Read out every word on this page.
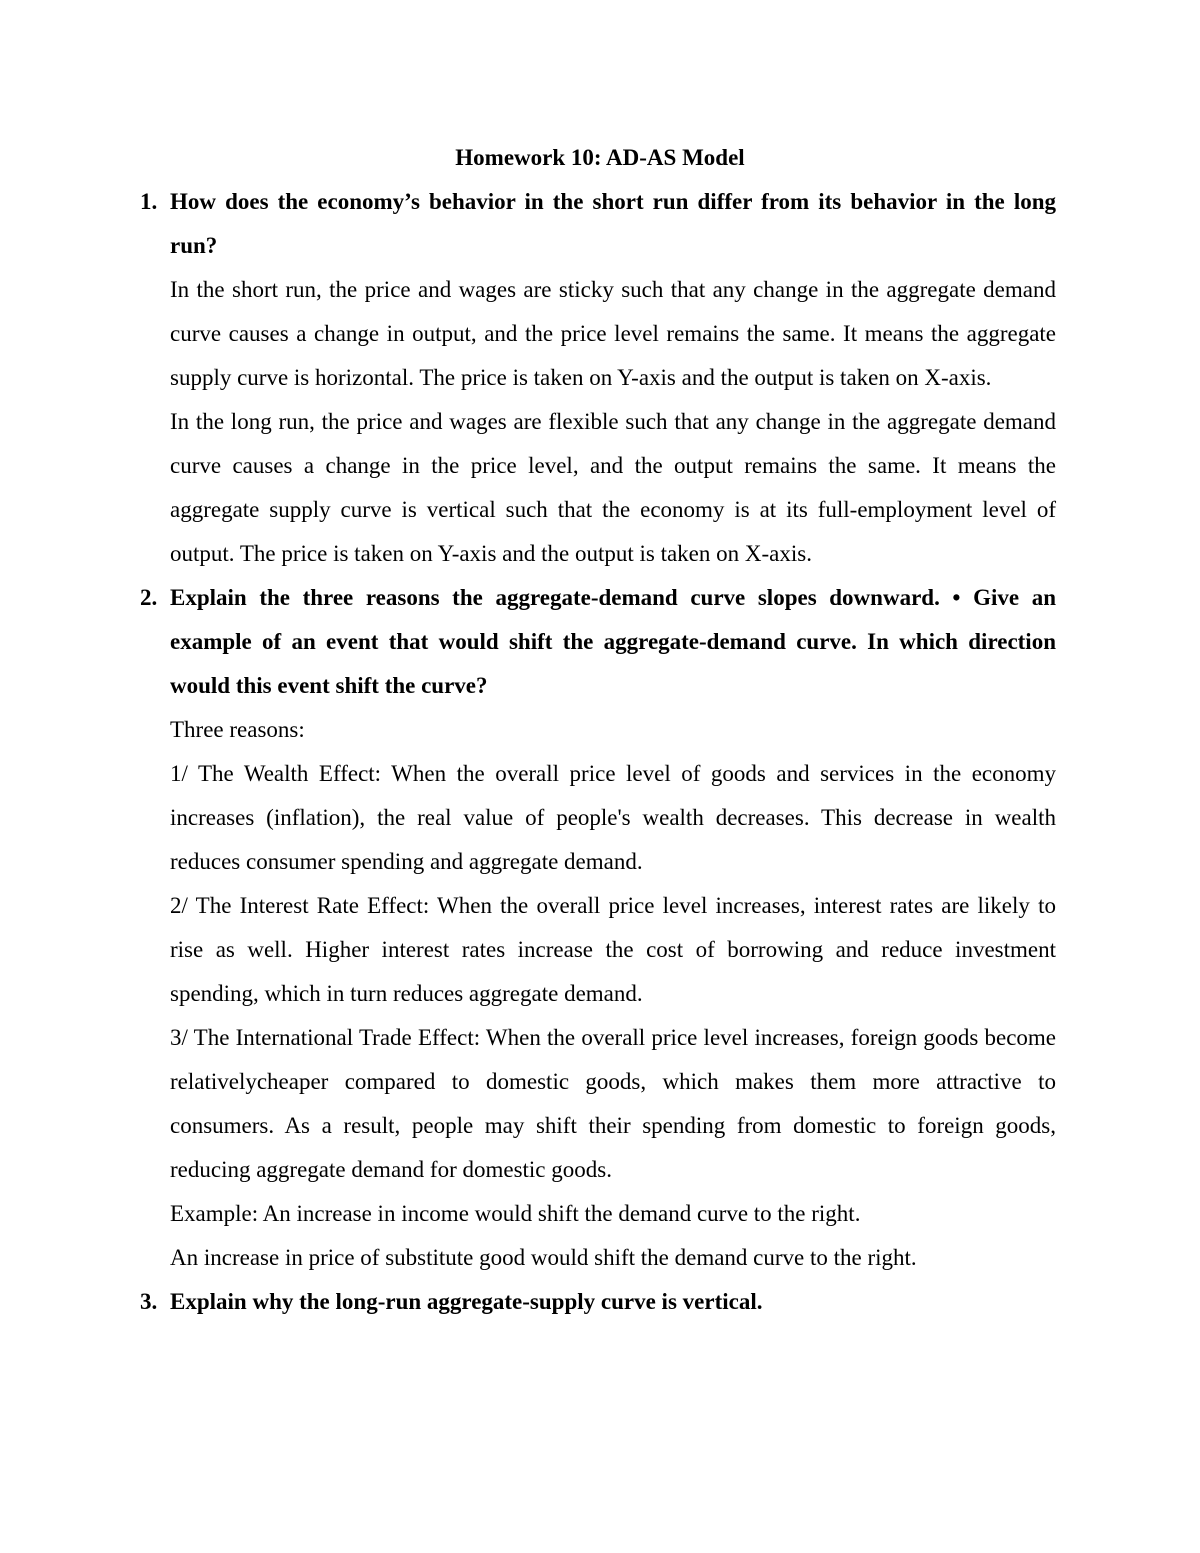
Homework 10: AD-AS Model
1. How does the economy’s behavior in the short run differ from its behavior in the long run?
In the short run, the price and wages are sticky such that any change in the aggregate demand curve causes a change in output, and the price level remains the same. It means the aggregate supply curve is horizontal. The price is taken on Y-axis and the output is taken on X-axis.
In the long run, the price and wages are flexible such that any change in the aggregate demand curve causes a change in the price level, and the output remains the same. It means the aggregate supply curve is vertical such that the economy is at its full-employment level of output. The price is taken on Y-axis and the output is taken on X-axis.
2. Explain the three reasons the aggregate-demand curve slopes downward. • Give an example of an event that would shift the aggregate-demand curve. In which direction would this event shift the curve?
Three reasons:
1/ The Wealth Effect: When the overall price level of goods and services in the economy increases (inflation), the real value of people's wealth decreases. This decrease in wealth reduces consumer spending and aggregate demand.
2/ The Interest Rate Effect: When the overall price level increases, interest rates are likely to rise as well. Higher interest rates increase the cost of borrowing and reduce investment spending, which in turn reduces aggregate demand.
3/ The International Trade Effect: When the overall price level increases, foreign goods become relativelycheaper compared to domestic goods, which makes them more attractive to consumers. As a result, people may shift their spending from domestic to foreign goods, reducing aggregate demand for domestic goods.
Example: An increase in income would shift the demand curve to the right.
An increase in price of substitute good would shift the demand curve to the right.
3. Explain why the long-run aggregate-supply curve is vertical.
